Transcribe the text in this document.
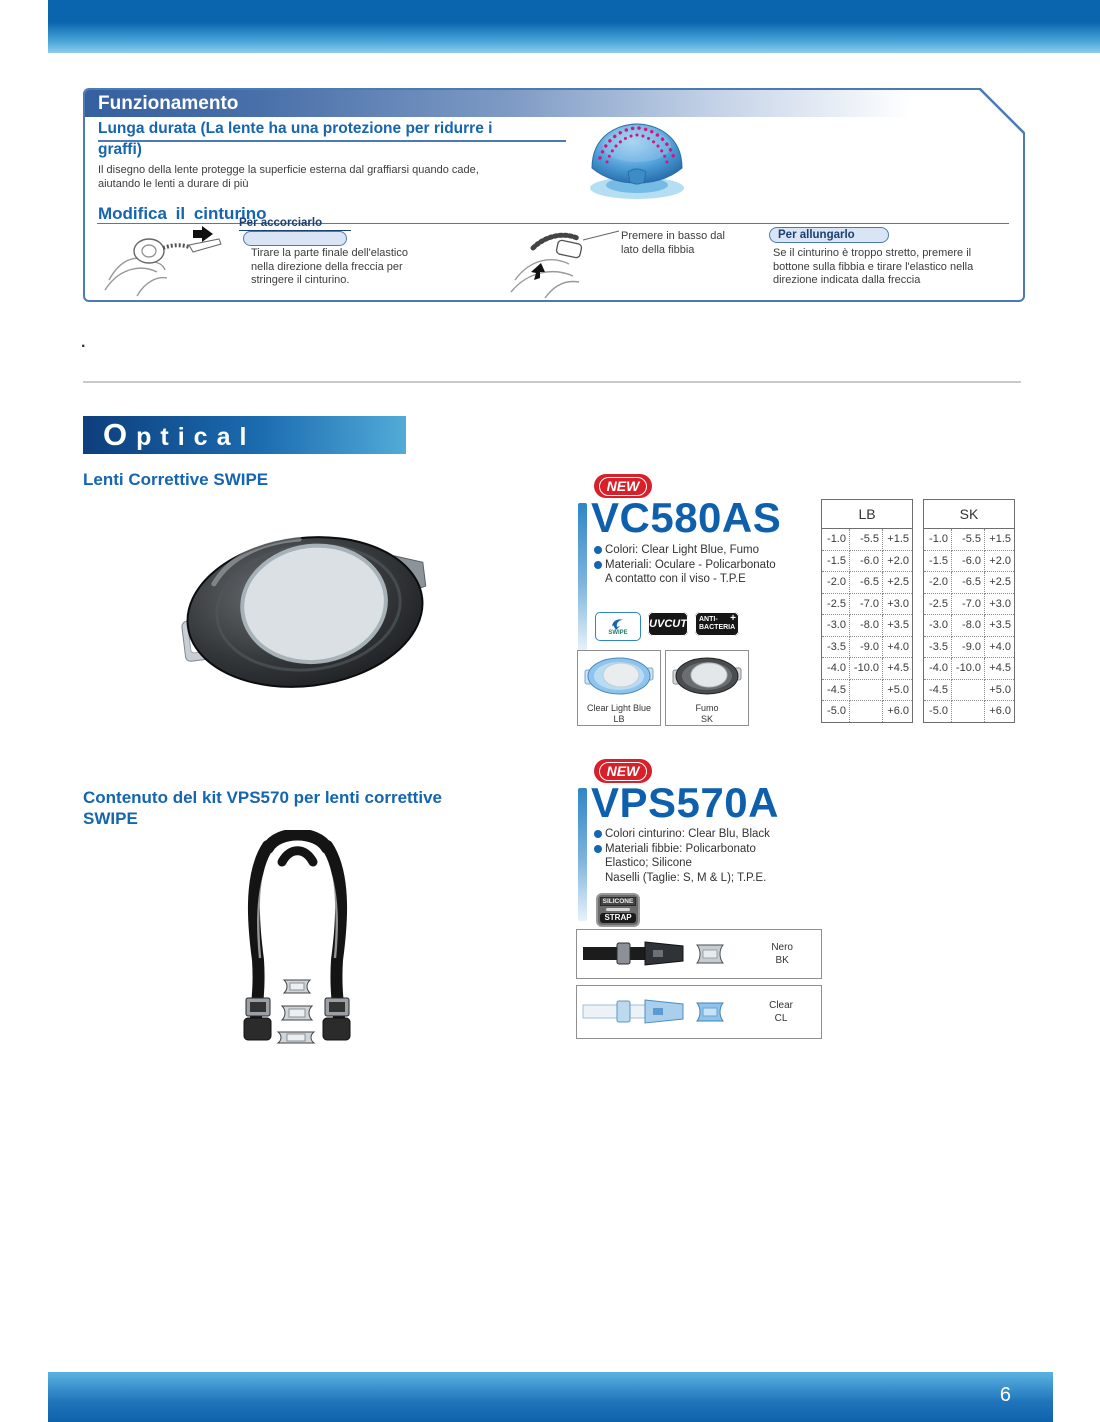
Funzionamento
Lunga durata (La lente ha una protezione per ridurre i
graffi)
Il disegno della lente protegge la superficie esterna dal graffiarsi quando cade,
aiutando le lenti a durare di più
Modifica il cinturino
Per accorciarlo
Tirare la parte finale dell'elastico
nella direzione della freccia per
stringere il cinturino.
Premere in basso dal
lato della fibbia
Per allungarlo
Se il cinturino è troppo stretto, premere il
bottone sulla fibbia e tirare l'elastico nella
direzione indicata dalla freccia
.
Optical
Lenti Correttive SWIPE	NEW
VC580AS
Colori: Clear Light Blue, Fumo
Materiali: Oculare - Policarbonato
A contatto con il viso - T.P.E
SWIPE
UVCUT ANTI-
BACTERIA
+
Clear Light Blue
LB
Fumo
SK
LB		
-1.0	-5.5	+1.5
-1.5	-6.0	+2.0
-2.0	-6.5	+2.5
-2.5	-7.0	+3.0
-3.0	-8.0	+3.5
-3.5	-9.0	+4.0
-4.0	-10.0	+4.5
-4.5		+5.0
-5.0		+6.0
SK		
-1.0	-5.5	+1.5
-1.5	-6.0	+2.0
-2.0	-6.5	+2.5
-2.5	-7.0	+3.0
-3.0	-8.0	+3.5
-3.5	-9.0	+4.0
-4.0	-10.0	+4.5
-4.5		+5.0
-5.0		+6.0
Contenuto del kit VPS570 per lenti correttive
SWIPE
NEW
VPS570A
Colori cinturino: Clear Blu, Black
Materiali fibbie: Policarbonato
Elastico; Silicone
Naselli (Taglie: S, M & L); T.P.E.
SILICONE
STRAP
Nero
BK
Clear
CL
6
